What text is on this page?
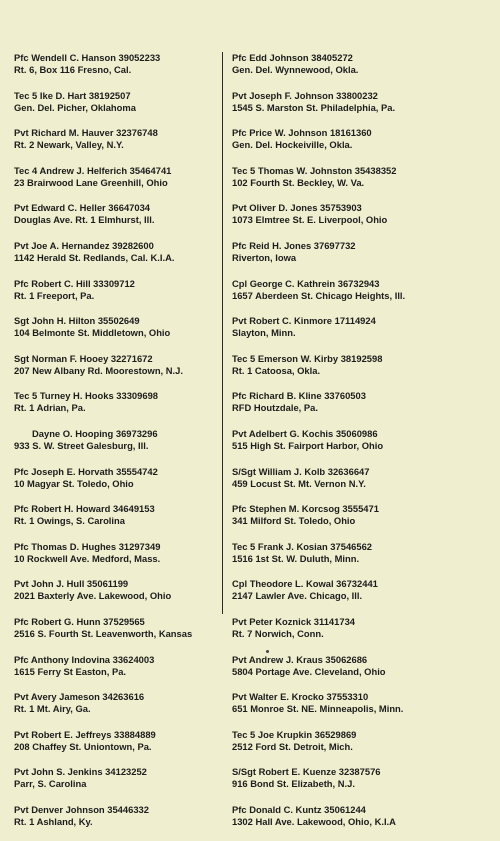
Pfc Wendell C. Hanson 39052233
Rt. 6, Box 116 Fresno, Cal.
Tec 5 Ike D. Hart 38192507
Gen. Del. Picher, Oklahoma
Pvt Richard M. Hauver 32376748
Rt. 2 Newark, Valley, N.Y.
Tec 4 Andrew J. Helferich 35464741
23 Brairwood Lane Greenhill, Ohio
Pvt Edward C. Heller 36647034
Douglas Ave. Rt. 1 Elmhurst, Ill.
Pvt Joe A. Hernandez 39282600
1142 Herald St. Redlands, Cal. K.I.A.
Pfc Robert C. Hill 33309712
Rt. 1 Freeport, Pa.
Sgt John H. Hilton 35502649
104 Belmonte St. Middletown, Ohio
Sgt Norman F. Hooey 32271672
207 New Albany Rd. Moorestown, N.J.
Tec 5 Turney H. Hooks 33309698
Rt. 1 Adrian, Pa.
Dayne O. Hooping 36973296
933 S. W. Street Galesburg, Ill.
Pfc Joseph E. Horvath 35554742
10 Magyar St. Toledo, Ohio
Pfc Robert H. Howard 34649153
Rt. 1 Owings, S. Carolina
Pfc Thomas D. Hughes 31297349
10 Rockwell Ave. Medford, Mass.
Pvt John J. Hull 35061199
2021 Baxterly Ave. Lakewood, Ohio
Pfc Robert G. Hunn 37529565
2516 S. Fourth St. Leavenworth, Kansas
Pfc Anthony Indovina 33624003
1615 Ferry St Easton, Pa.
Pvt Avery Jameson 34263616
Rt. 1 Mt. Airy, Ga.
Pvt Robert E. Jeffreys 33884889
208 Chaffey St. Uniontown, Pa.
Pvt John S. Jenkins 34123252
Parr, S. Carolina
Pvt Denver Johnson 35446332
Rt. 1 Ashland, Ky.
Pfc Edd Johnson 38405272
Gen. Del. Wynnewood, Okla.
Pvt Joseph F. Johnson 33800232
1545 S. Marston St. Philadelphia, Pa.
Pfc Price W. Johnson 18161360
Gen. Del. Hockeiville, Okla.
Tec 5 Thomas W. Johnston 35438352
102 Fourth St. Beckley, W. Va.
Pvt Oliver D. Jones 35753903
1073 Elmtree St. E. Liverpool, Ohio
Pfc Reid H. Jones 37697732
Riverton, Iowa
Cpl George C. Kathrein 36732943
1657 Aberdeen St. Chicago Heights, Ill.
Pvt Robert C. Kinmore 17114924
Slayton, Minn.
Tec 5 Emerson W. Kirby 38192598
Rt. 1 Catoosa, Okla.
Pfc Richard B. Kline 33760503
RFD Houtzdale, Pa.
Pvt Adelbert G. Kochis 35060986
515 High St. Fairport Harbor, Ohio
S/Sgt William J. Kolb 32636647
459 Locust St. Mt. Vernon N.Y.
Pfc Stephen M. Korcsog 3555471
341 Milford St. Toledo, Ohio
Tec 5 Frank J. Kosian 37546562
1516 1st St. W. Duluth, Minn.
Cpl Theodore L. Kowal 36732441
2147 Lawler Ave. Chicago, Ill.
Pvt Peter Koznick 31141734
Rt. 7 Norwich, Conn.
Pvt Andrew J. Kraus 35062686
5804 Portage Ave. Cleveland, Ohio
Pvt Walter E. Krocko 37553310
651 Monroe St. NE. Minneapolis, Minn.
Tec 5 Joe Krupkin 36529869
2512 Ford St. Detroit, Mich.
S/Sgt Robert E. Kuenze 32387576
916 Bond St. Elizabeth, N.J.
Pfc Donald C. Kuntz 35061244
1302 Hall Ave. Lakewood, Ohio, K.I.A
